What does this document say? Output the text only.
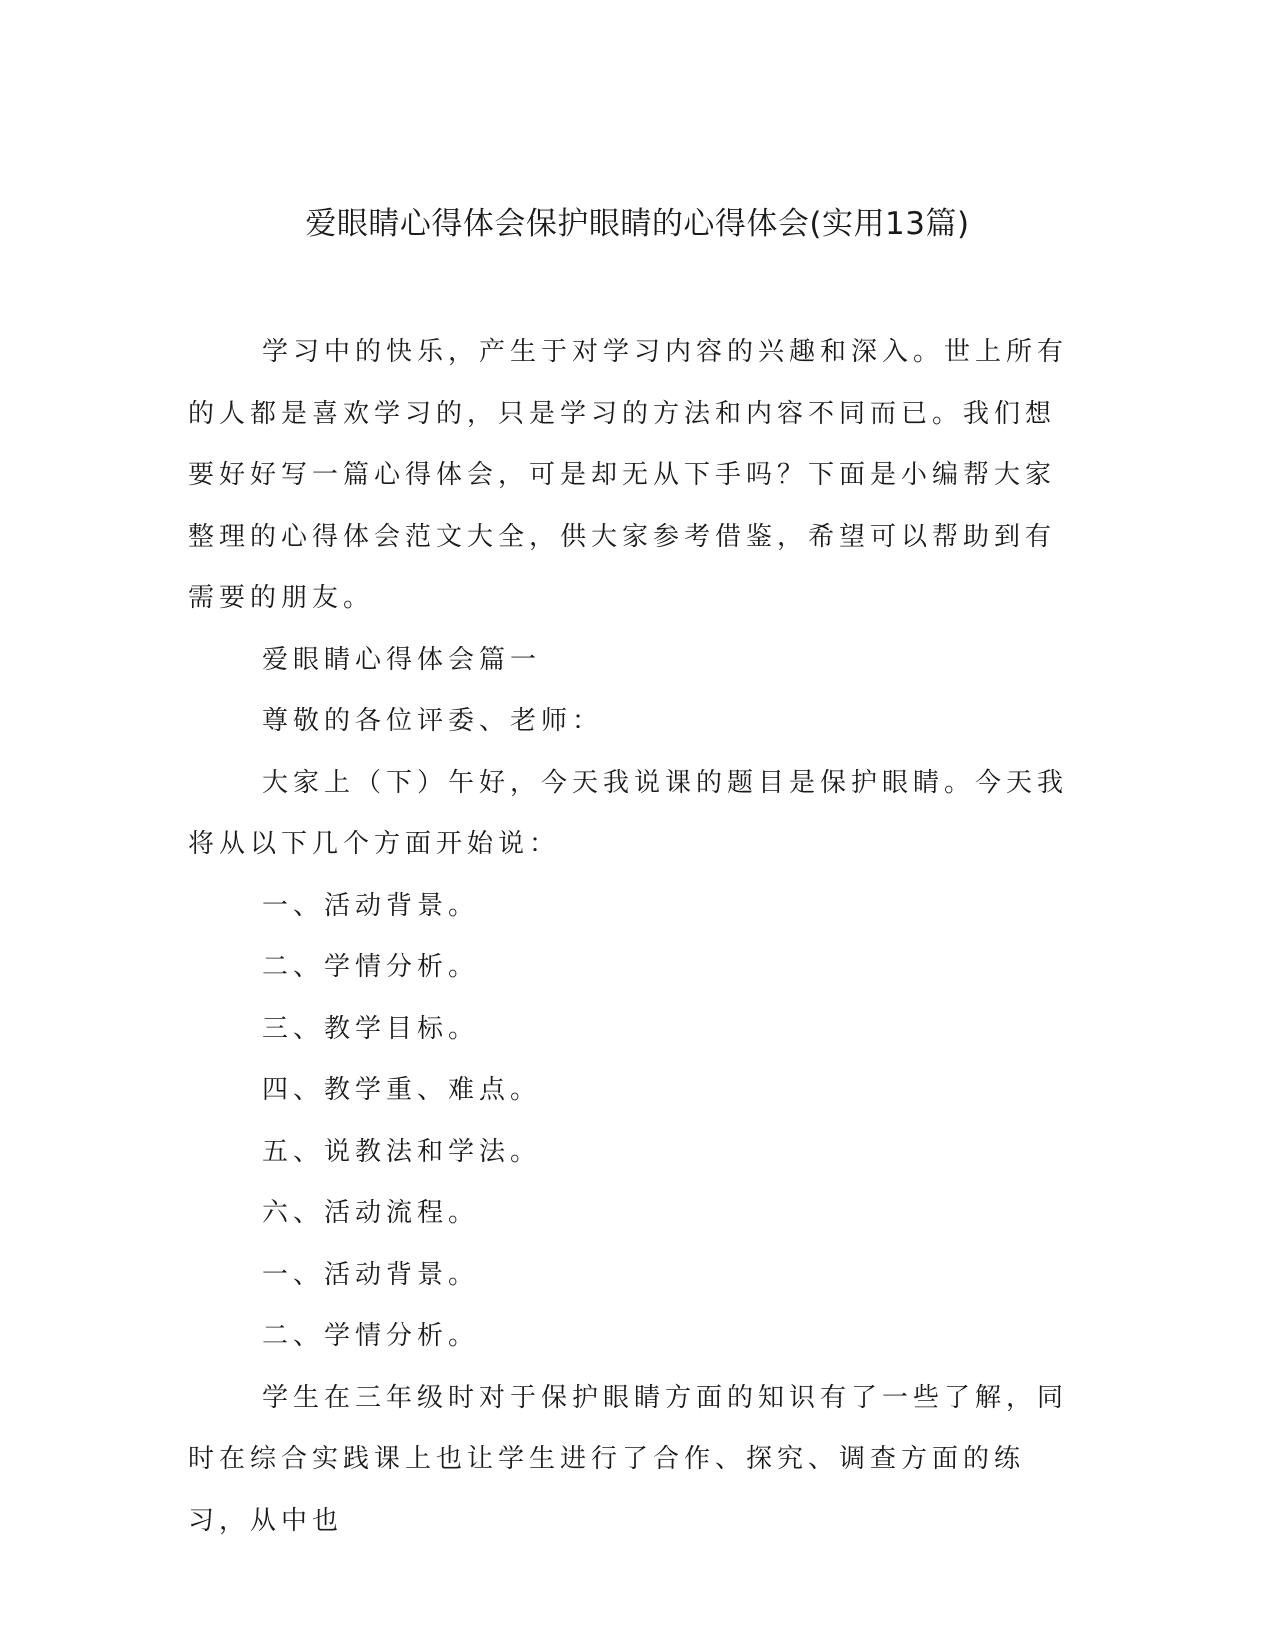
爱眼睛心得体会保护眼睛的心得体会(实用13篇)

学习中的快乐，产生于对学习内容的兴趣和深入。世上所有的人都是喜欢学习的，只是学习的方法和内容不同而已。我们想要好好写一篇心得体会，可是却无从下手吗？下面是小编帮大家整理的心得体会范文大全，供大家参考借鉴，希望可以帮助到有需要的朋友。

爱眼睛心得体会篇一

尊敬的各位评委、老师：

大家上（下）午好，今天我说课的题目是保护眼睛。今天我将从以下几个方面开始说：

一、活动背景。

二、学情分析。

三、教学目标。

四、教学重、难点。

五、说教法和学法。

六、活动流程。

一、活动背景。

二、学情分析。

学生在三年级时对于保护眼睛方面的知识有了一些了解，同时在综合实践课上也让学生进行了合作、探究、调查方面的练习，从中也
